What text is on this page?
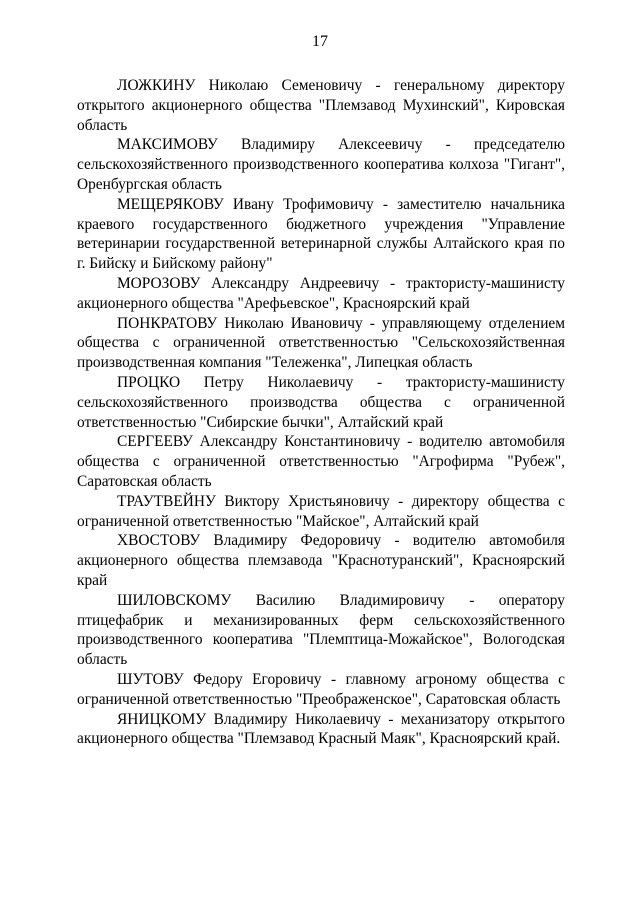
17

ЛОЖКИНУ Николаю Семеновичу - генеральному директору открытого акционерного общества "Племзавод Мухинский", Кировская область

МАКСИМОВУ Владимиру Алексеевичу - председателю сельскохозяйственного производственного кооператива колхоза "Гигант", Оренбургская область

МЕЩЕРЯКОВУ Ивану Трофимовичу - заместителю начальника краевого государственного бюджетного учреждения "Управление ветеринарии государственной ветеринарной службы Алтайского края по г. Бийску и Бийскому району"

МОРОЗОВУ Александру Андреевичу - трактористу-машинисту акционерного общества "Арефьевское", Красноярский край

ПОНКРАТОВУ Николаю Ивановичу - управляющему отделением общества с ограниченной ответственностью "Сельскохозяйственная производственная компания "Тележенка", Липецкая область

ПРОЦКО Петру Николаевичу - трактористу-машинисту сельскохозяйственного производства общества с ограниченной ответственностью "Сибирские бычки", Алтайский край

СЕРГЕЕВУ Александру Константиновичу - водителю автомобиля общества с ограниченной ответственностью "Агрофирма "Рубеж", Саратовская область

ТРАУТВЕЙНУ Виктору Христьяновичу - директору общества с ограниченной ответственностью "Майское", Алтайский край

ХВОСТОВУ Владимиру Федоровичу - водителю автомобиля акционерного общества племзавода "Краснотуранский", Красноярский край

ШИЛОВСКОМУ Василию Владимировичу - оператору птицефабрик и механизированных ферм сельскохозяйственного производственного кооператива "Племптица-Можайское", Вологодская область

ШУТОВУ Федору Егоровичу - главному агроному общества с ограниченной ответственностью "Преображенское", Саратовская область

ЯНИЦКОМУ Владимиру Николаевичу - механизатору открытого акционерного общества "Племзавод Красный Маяк", Красноярский край.
